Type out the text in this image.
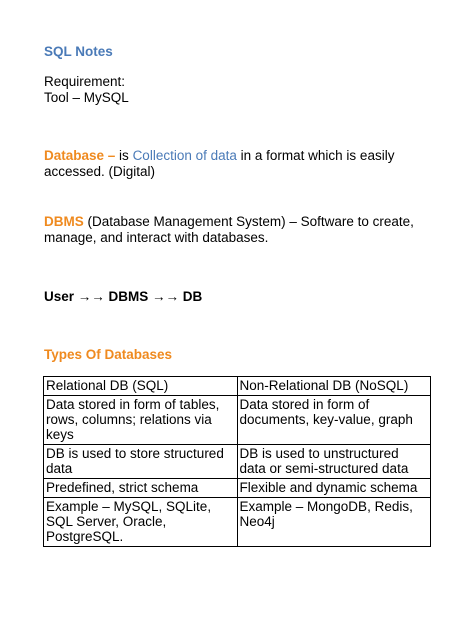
SQL Notes
Requirement:
Tool – MySQL
Database – is Collection of data in a format which is easily accessed. (Digital)
DBMS (Database Management System) – Software to create, manage, and interact with databases.
User →→ DBMS →→ DB
Types Of Databases
Relational DB (SQL)	Non-Relational DB (NoSQL)
Data stored in form of tables, rows, columns; relations via keys	Data stored in form of documents, key-value, graph
DB is used to store structured data	DB is used to unstructured data or semi-structured data
Predefined, strict schema	Flexible and dynamic schema
Example – MySQL, SQLite, SQL Server, Oracle, PostgreSQL.	Example – MongoDB, Redis, Neo4j
